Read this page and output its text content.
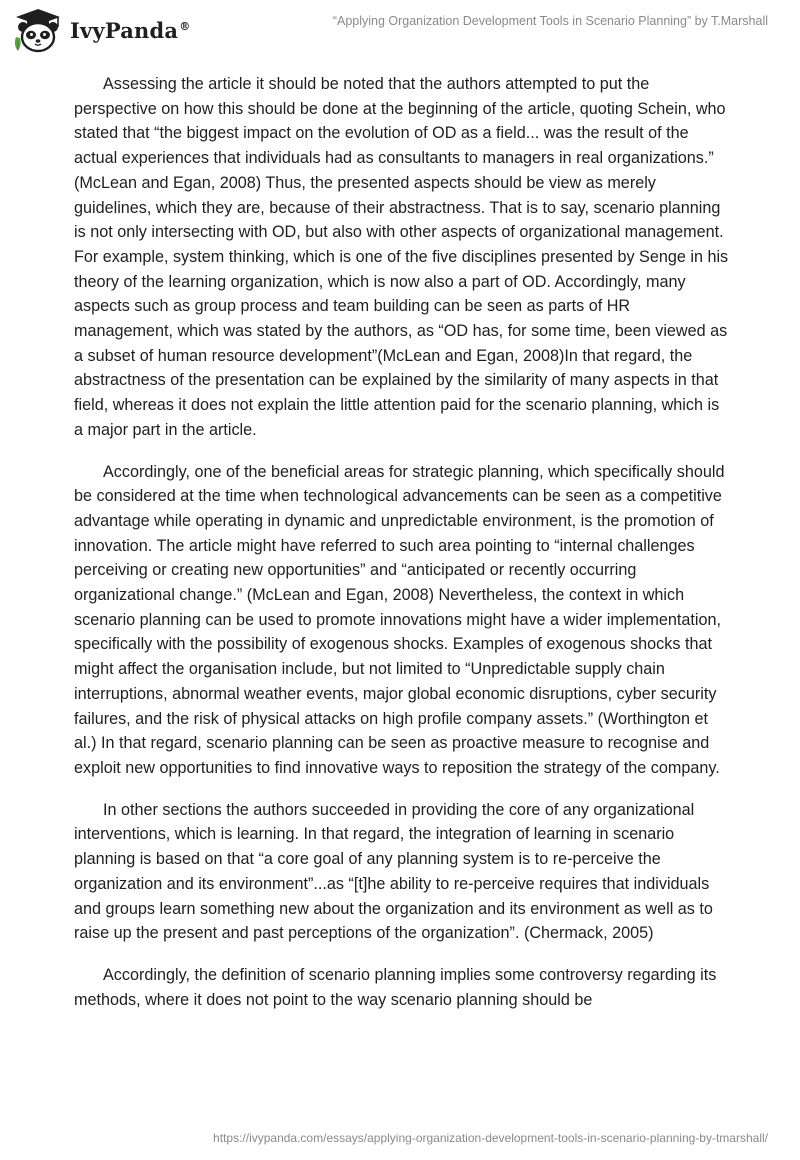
IvyPanda®	“Applying Organization Development Tools in Scenario Planning” by T.Marshall

Assessing the article it should be noted that the authors attempted to put the perspective on how this should be done at the beginning of the article, quoting Schein, who stated that “the biggest impact on the evolution of OD as a field... was the result of the actual experiences that individuals had as consultants to managers in real organizations.” (McLean and Egan, 2008) Thus, the presented aspects should be view as merely guidelines, which they are, because of their abstractness. That is to say, scenario planning is not only intersecting with OD, but also with other aspects of organizational management. For example, system thinking, which is one of the five disciplines presented by Senge in his theory of the learning organization, which is now also a part of OD. Accordingly, many aspects such as group process and team building can be seen as parts of HR management, which was stated by the authors, as “OD has, for some time, been viewed as a subset of human resource development”(McLean and Egan, 2008)In that regard, the abstractness of the presentation can be explained by the similarity of many aspects in that field, whereas it does not explain the little attention paid for the scenario planning, which is a major part in the article.

Accordingly, one of the beneficial areas for strategic planning, which specifically should be considered at the time when technological advancements can be seen as a competitive advantage while operating in dynamic and unpredictable environment, is the promotion of innovation. The article might have referred to such area pointing to “internal challenges perceiving or creating new opportunities” and “anticipated or recently occurring organizational change.” (McLean and Egan, 2008) Nevertheless, the context in which scenario planning can be used to promote innovations might have a wider implementation, specifically with the possibility of exogenous shocks. Examples of exogenous shocks that might affect the organisation include, but not limited to “Unpredictable supply chain interruptions, abnormal weather events, major global economic disruptions, cyber security failures, and the risk of physical attacks on high profile company assets.” (Worthington et al.) In that regard, scenario planning can be seen as proactive measure to recognise and exploit new opportunities to find innovative ways to reposition the strategy of the company.

In other sections the authors succeeded in providing the core of any organizational interventions, which is learning. In that regard, the integration of learning in scenario planning is based on that “a core goal of any planning system is to re-perceive the organization and its environment”...as “[t]he ability to re-perceive requires that individuals and groups learn something new about the organization and its environment as well as to raise up the present and past perceptions of the organization”. (Chermack, 2005)

Accordingly, the definition of scenario planning implies some controversy regarding its methods, where it does not point to the way scenario planning should be

https://ivypanda.com/essays/applying-organization-development-tools-in-scenario-planning-by-tmarshall/
